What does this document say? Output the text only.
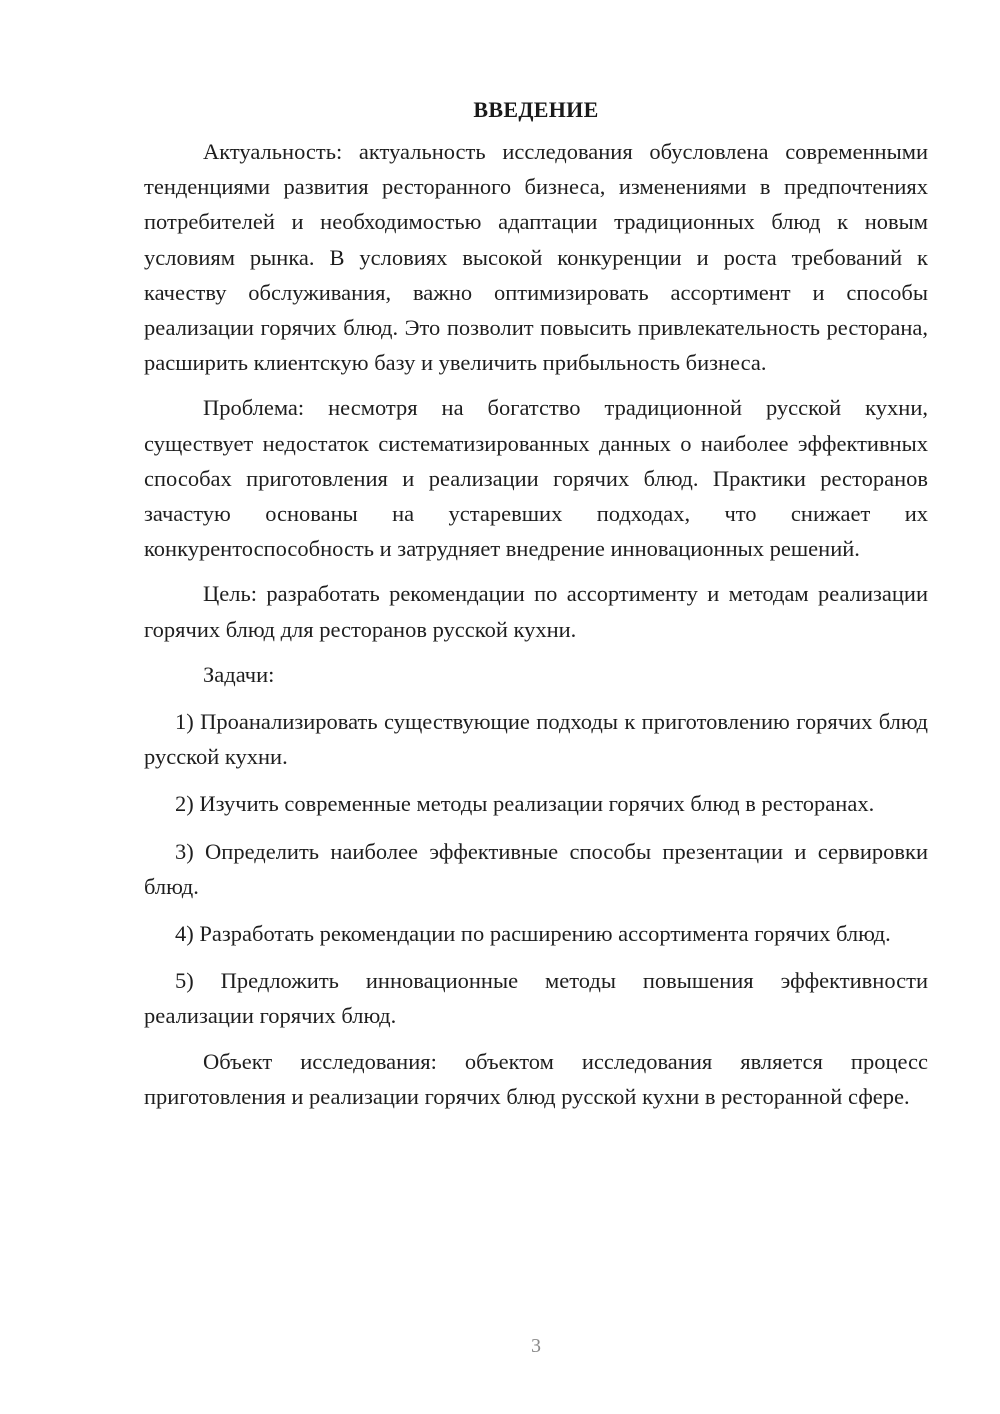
ВВЕДЕНИЕ

Актуальность: актуальность исследования обусловлена современными тенденциями развития ресторанного бизнеса, изменениями в предпочтениях потребителей и необходимостью адаптации традиционных блюд к новым условиям рынка. В условиях высокой конкуренции и роста требований к качеству обслуживания, важно оптимизировать ассортимент и способы реализации горячих блюд. Это позволит повысить привлекательность ресторана, расширить клиентскую базу и увеличить прибыльность бизнеса.

Проблема: несмотря на богатство традиционной русской кухни, существует недостаток систематизированных данных о наиболее эффективных способах приготовления и реализации горячих блюд. Практики ресторанов зачастую основаны на устаревших подходах, что снижает их конкурентоспособность и затрудняет внедрение инновационных решений.

Цель: разработать рекомендации по ассортименту и методам реализации горячих блюд для ресторанов русской кухни.

Задачи:

1) Проанализировать существующие подходы к приготовлению горячих блюд русской кухни.

2) Изучить современные методы реализации горячих блюд в ресторанах.

3) Определить наиболее эффективные способы презентации и сервировки блюд.

4) Разработать рекомендации по расширению ассортимента горячих блюд.

5) Предложить инновационные методы повышения эффективности реализации горячих блюд.

Объект исследования: объектом исследования является процесс приготовления и реализации горячих блюд русской кухни в ресторанной сфере.

3
